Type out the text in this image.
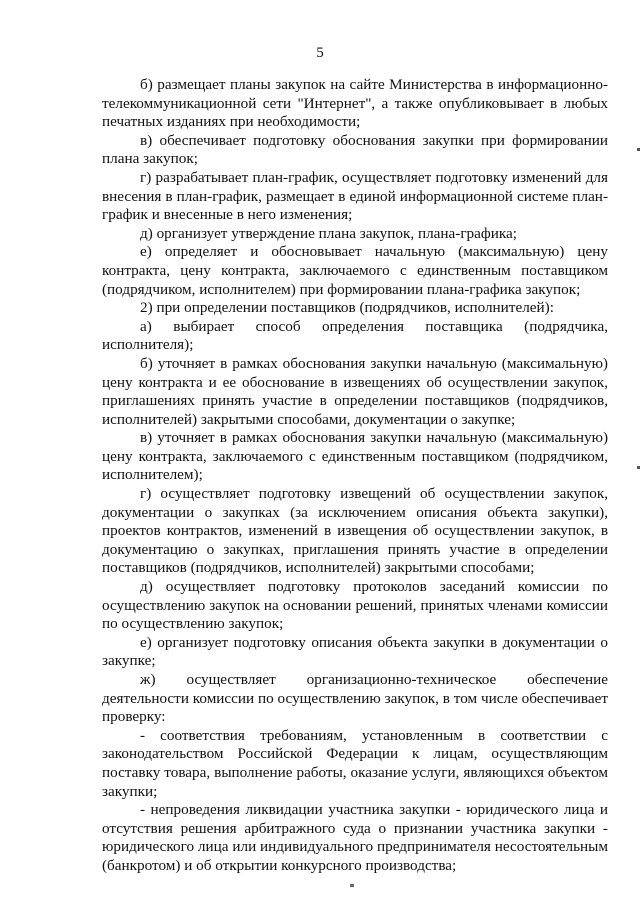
5

б) размещает планы закупок на сайте Министерства в информационно-телекоммуникационной сети "Интернет", а также опубликовывает в любых печатных изданиях при необходимости;

в) обеспечивает подготовку обоснования закупки при формировании плана закупок;

г) разрабатывает план-график, осуществляет подготовку изменений для внесения в план-график, размещает в единой информационной системе план-график и внесенные в него изменения;

д) организует утверждение плана закупок, плана-графика;

е) определяет и обосновывает начальную (максимальную) цену контракта, цену контракта, заключаемого с единственным поставщиком (подрядчиком, исполнителем) при формировании плана-графика закупок;

2) при определении поставщиков (подрядчиков, исполнителей):

а) выбирает способ определения поставщика (подрядчика, исполнителя);

б) уточняет в рамках обоснования закупки начальную (максимальную) цену контракта и ее обоснование в извещениях об осуществлении закупок, приглашениях принять участие в определении поставщиков (подрядчиков, исполнителей) закрытыми способами, документации о закупке;

в) уточняет в рамках обоснования закупки начальную (максимальную) цену контракта, заключаемого с единственным поставщиком (подрядчиком, исполнителем);

г) осуществляет подготовку извещений об осуществлении закупок, документации о закупках (за исключением описания объекта закупки), проектов контрактов, изменений в извещения об осуществлении закупок, в документацию о закупках, приглашения принять участие в определении поставщиков (подрядчиков, исполнителей) закрытыми способами;

д) осуществляет подготовку протоколов заседаний комиссии по осуществлению закупок на основании решений, принятых членами комиссии по осуществлению закупок;

е) организует подготовку описания объекта закупки в документации о закупке;

ж) осуществляет организационно-техническое обеспечение деятельности комиссии по осуществлению закупок, в том числе обеспечивает проверку:

- соответствия требованиям, установленным в соответствии с законодательством Российской Федерации к лицам, осуществляющим поставку товара, выполнение работы, оказание услуги, являющихся объектом закупки;

- непроведения ликвидации участника закупки - юридического лица и отсутствия решения арбитражного суда о признании участника закупки - юридического лица или индивидуального предпринимателя несостоятельным (банкротом) и об открытии конкурсного производства;
